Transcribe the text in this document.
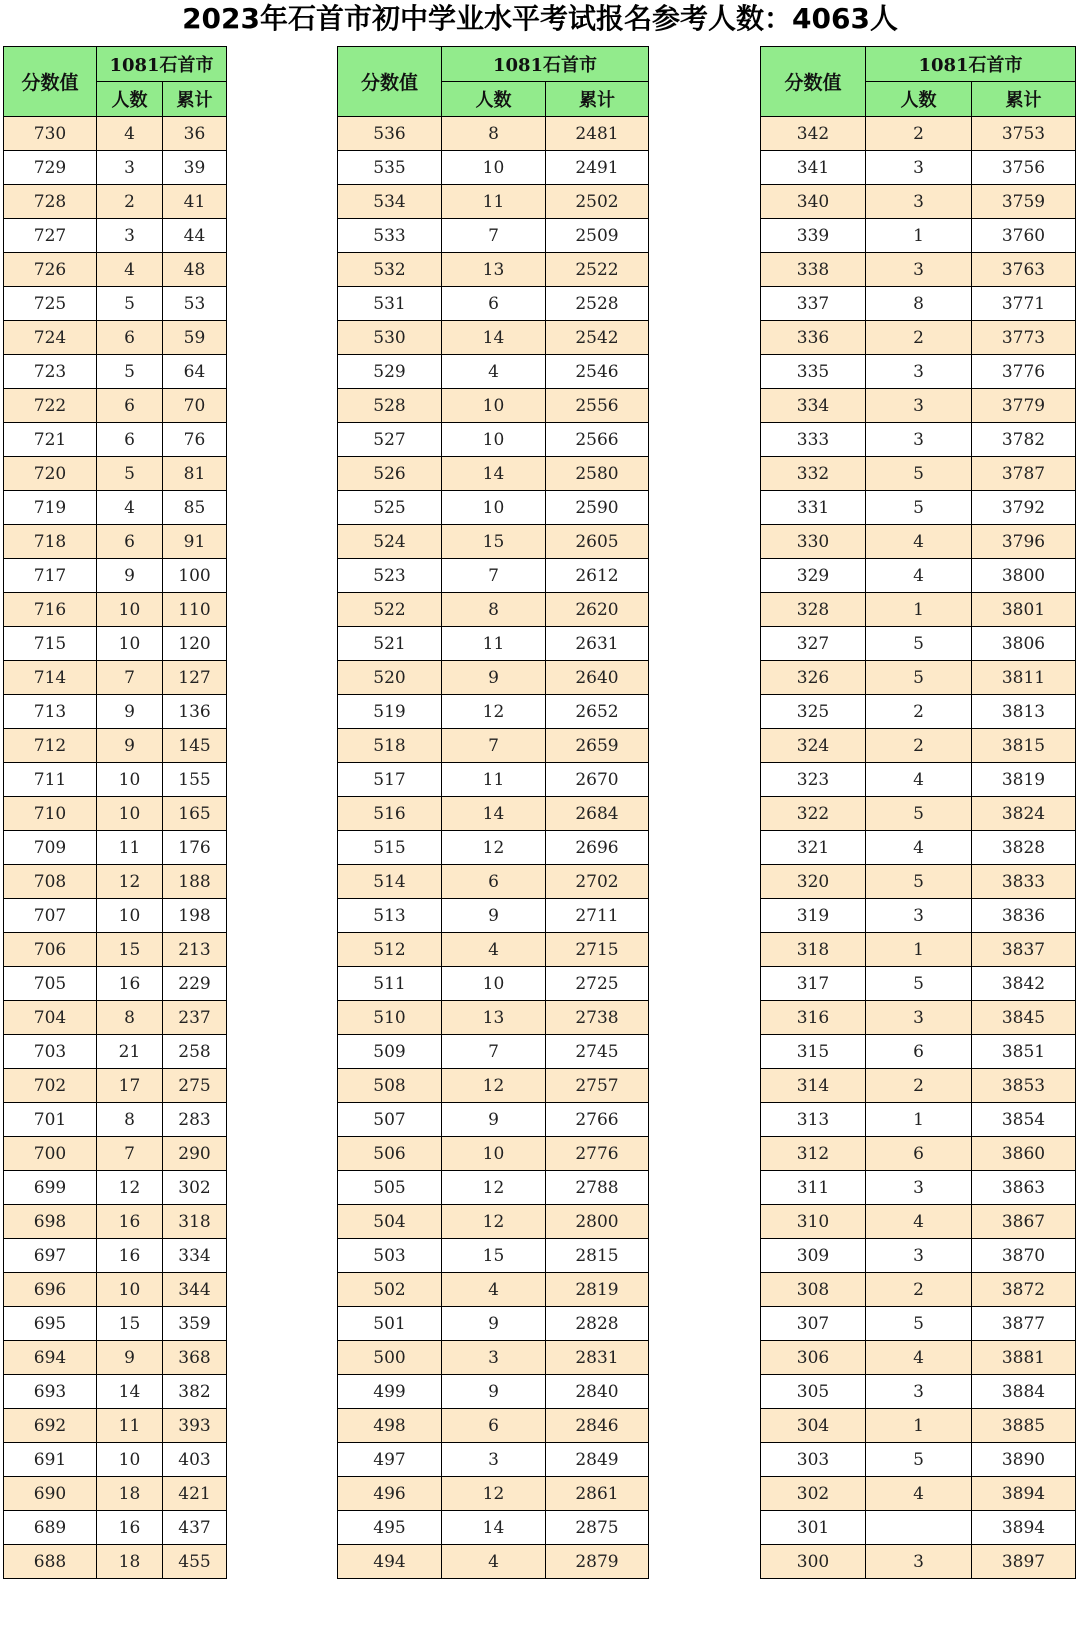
2023年石首市初中学业水平考试报名参考人数：4063人
分数值	1081石首市	
	人数	累计
730	4	36
729	3	39
728	2	41
727	3	44
726	4	48
725	5	53
724	6	59
723	5	64
722	6	70
721	6	76
720	5	81
719	4	85
718	6	91
717	9	100
716	10	110
715	10	120
714	7	127
713	9	136
712	9	145
711	10	155
710	10	165
709	11	176
708	12	188
707	10	198
706	15	213
705	16	229
704	8	237
703	21	258
702	17	275
701	8	283
700	7	290
699	12	302
698	16	318
697	16	334
696	10	344
695	15	359
694	9	368
693	14	382
692	11	393
691	10	403
690	18	421
689	16	437
688	18	455
分数值	1081石首市	
	人数	累计
536	8	2481
535	10	2491
534	11	2502
533	7	2509
532	13	2522
531	6	2528
530	14	2542
529	4	2546
528	10	2556
527	10	2566
526	14	2580
525	10	2590
524	15	2605
523	7	2612
522	8	2620
521	11	2631
520	9	2640
519	12	2652
518	7	2659
517	11	2670
516	14	2684
515	12	2696
514	6	2702
513	9	2711
512	4	2715
511	10	2725
510	13	2738
509	7	2745
508	12	2757
507	9	2766
506	10	2776
505	12	2788
504	12	2800
503	15	2815
502	4	2819
501	9	2828
500	3	2831
499	9	2840
498	6	2846
497	3	2849
496	12	2861
495	14	2875
494	4	2879
分数值	1081石首市	
	人数	累计
342	2	3753
341	3	3756
340	3	3759
339	1	3760
338	3	3763
337	8	3771
336	2	3773
335	3	3776
334	3	3779
333	3	3782
332	5	3787
331	5	3792
330	4	3796
329	4	3800
328	1	3801
327	5	3806
326	5	3811
325	2	3813
324	2	3815
323	4	3819
322	5	3824
321	4	3828
320	5	3833
319	3	3836
318	1	3837
317	5	3842
316	3	3845
315	6	3851
314	2	3853
313	1	3854
312	6	3860
311	3	3863
310	4	3867
309	3	3870
308	2	3872
307	5	3877
306	4	3881
305	3	3884
304	1	3885
303	5	3890
302	4	3894
301		3894
300	3	3897
